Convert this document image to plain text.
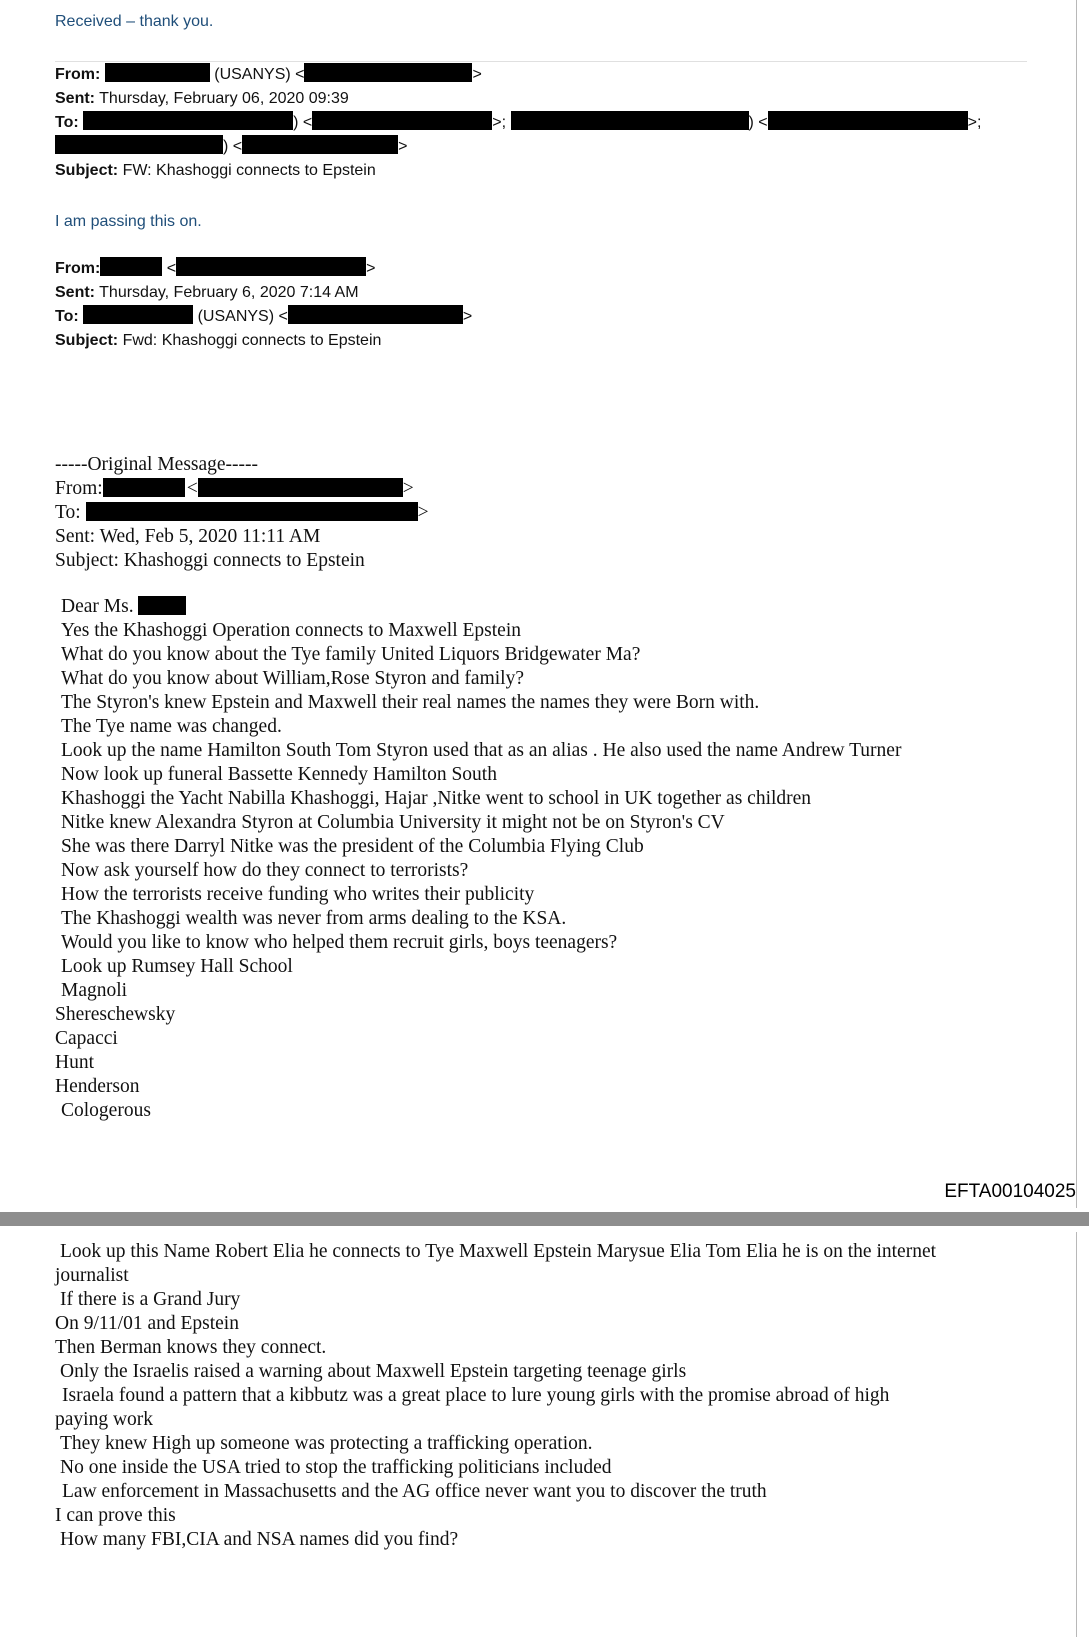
Received – thank you.
From:	(USANYS) <	>
Sent: Thursday, February 06, 2020 09:39
To:	) <	>;	) <	>;
) <	>
Subject: FW: Khashoggi connects to Epstein
I am passing this on.
From:	<	>
Sent: Thursday, February 6, 2020 7:14 AM
To:	(USANYS) <	>
Subject: Fwd: Khashoggi connects to Epstein
-----Original Message-----
From:	<	>
To:	>
Sent: Wed, Feb 5, 2020 11:11 AM
Subject: Khashoggi connects to Epstein
Dear Ms.
Yes the Khashoggi Operation connects to Maxwell Epstein
What do you know about the Tye family United Liquors Bridgewater Ma?
What do you know about William,Rose Styron and family?
The Styron's knew Epstein and Maxwell their real names the names they were Born with.
The Tye name was changed.
Look up the name Hamilton South Tom Styron used that as an alias . He also used the name Andrew Turner
Now look up funeral Bassette Kennedy Hamilton South
Khashoggi the Yacht Nabilla Khashoggi, Hajar ,Nitke went to school in UK together as children
Nitke knew Alexandra Styron at Columbia University it might not be on Styron's CV
She was there Darryl Nitke was the president of the Columbia Flying Club
Now ask yourself how do they connect to terrorists?
How the terrorists receive funding who writes their publicity
The Khashoggi wealth was never from arms dealing to the KSA.
Would you like to know who helped them recruit girls, boys teenagers?
Look up Rumsey Hall School
Magnoli
Shereschewsky
Capacci
Hunt
Henderson
Cologerous
EFTA00104025
Look up this Name Robert Elia he connects to Tye Maxwell Epstein Marysue Elia Tom Elia he is on the internet
journalist
If there is a Grand Jury
On 9/11/01 and Epstein
Then Berman knows they connect.
Only the Israelis raised a warning about Maxwell Epstein targeting teenage girls
Israela found a pattern that a kibbutz was a great place to lure young girls with the promise abroad of high
paying work
They knew High up someone was protecting a trafficking operation.
No one inside the USA tried to stop the trafficking politicians included
Law enforcement in Massachusetts and the AG office never want you to discover the truth
I can prove this
How many FBI,CIA and NSA names did you find?
